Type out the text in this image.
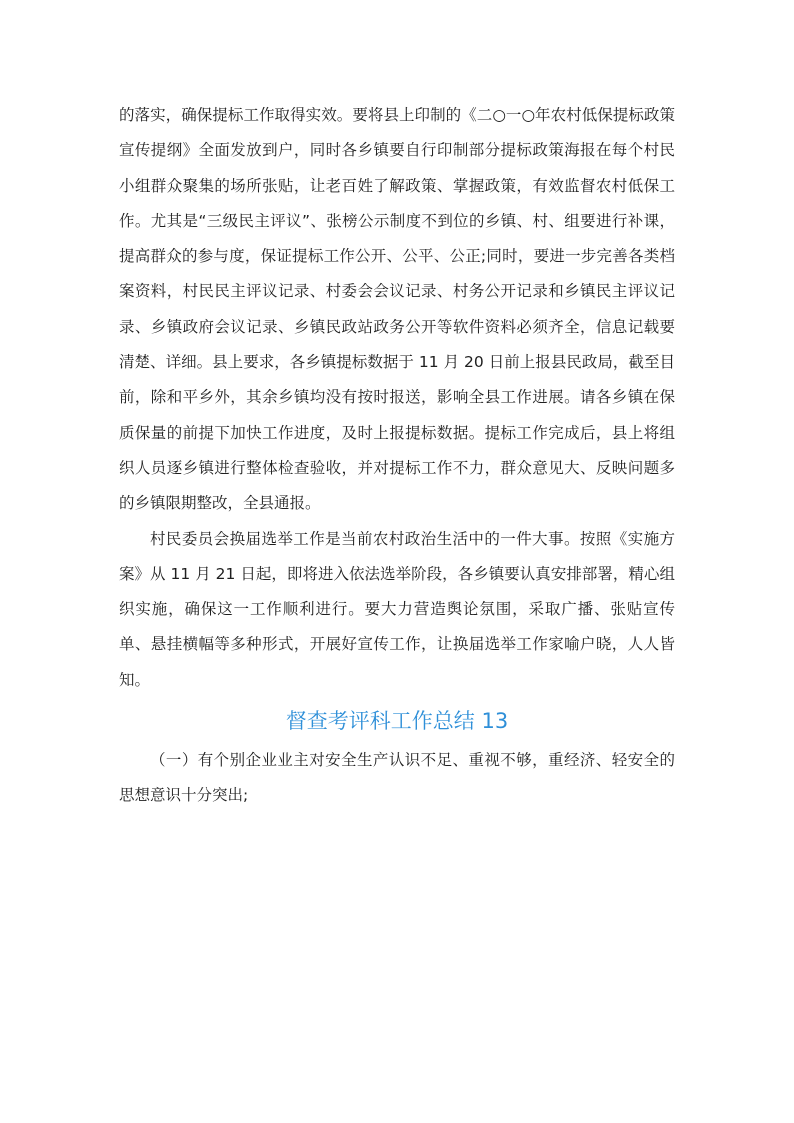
的落实，确保提标工作取得实效。要将县上印制的《二○一○年农村低保提标政策宣传提纲》全面发放到户，同时各乡镇要自行印制部分提标政策海报在每个村民小组群众聚集的场所张贴，让老百姓了解政策、掌握政策，有效监督农村低保工作。尤其是“三级民主评议”、张榜公示制度不到位的乡镇、村、组要进行补课，提高群众的参与度，保证提标工作公开、公平、公正;同时，要进一步完善各类档案资料，村民民主评议记录、村委会会议记录、村务公开记录和乡镇民主评议记录、乡镇政府会议记录、乡镇民政站政务公开等软件资料必须齐全，信息记载要清楚、详细。县上要求，各乡镇提标数据于 11 月 20 日前上报县民政局，截至目前，除和平乡外，其余乡镇均没有按时报送，影响全县工作进展。请各乡镇在保质保量的前提下加快工作进度，及时上报提标数据。提标工作完成后，县上将组织人员逐乡镇进行整体检查验收，并对提标工作不力，群众意见大、反映问题多的乡镇限期整改，全县通报。

村民委员会换届选举工作是当前农村政治生活中的一件大事。按照《实施方案》从 11 月 21 日起，即将进入依法选举阶段，各乡镇要认真安排部署，精心组织实施，确保这一工作顺利进行。要大力营造舆论氛围，采取广播、张贴宣传单、悬挂横幅等多种形式，开展好宣传工作，让换届选举工作家喻户晓，人人皆知。

督查考评科工作总结 13

（一）有个别企业业主对安全生产认识不足、重视不够，重经济、轻安全的思想意识十分突出;
